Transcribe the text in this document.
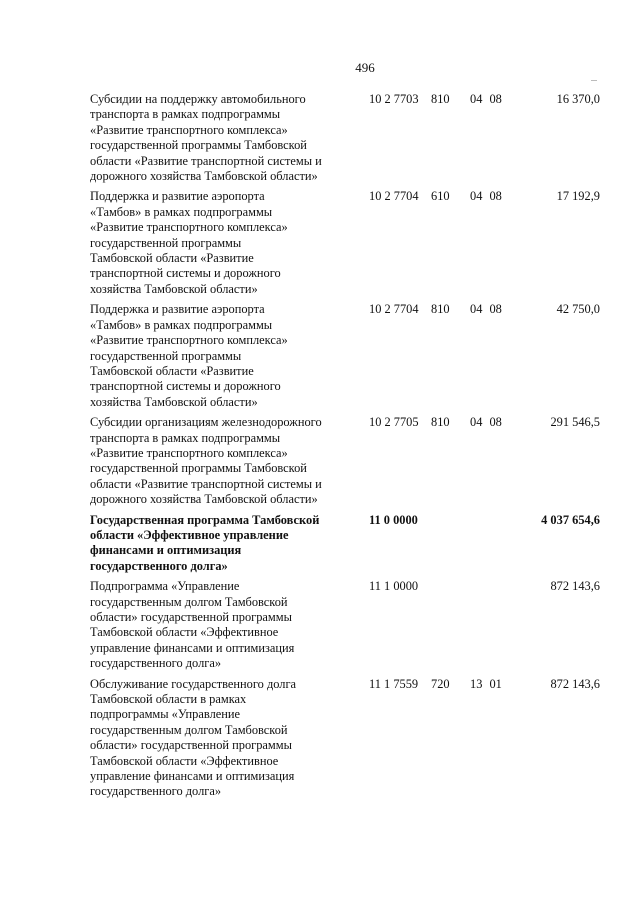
496
Субсидии на поддержку автомобильного
транспорта в рамках подпрограммы
«Развитие транспортного комплекса»
государственной программы Тамбовской
области «Развитие транспортной системы и
дорожного хозяйства Тамбовской области»
10 2 7703 810 04 08	16 370,0
Поддержка и развитие аэропорта
«Тамбов» в рамках подпрограммы
«Развитие транспортного комплекса»
государственной программы
Тамбовской области «Развитие
транспортной системы и дорожного
хозяйства Тамбовской области»
10 2 7704 610 04 08	17 192,9
Поддержка и развитие аэропорта
«Тамбов» в рамках подпрограммы
«Развитие транспортного комплекса»
государственной программы
Тамбовской области «Развитие
транспортной системы и дорожного
хозяйства Тамбовской области»
10 2 7704 810 04 08	42 750,0
Субсидии организациям железнодорожного
транспорта в рамках подпрограммы
«Развитие транспортного комплекса»
государственной программы Тамбовской
области «Развитие транспортной системы и
дорожного хозяйства Тамбовской области»
10 2 7705 810 04 08	291 546,5
Государственная программа Тамбовской
области «Эффективное управление
финансами и оптимизация
государственного долга»
11 0 0000	4 037 654,6
Подпрограмма «Управление
государственным долгом Тамбовской
области» государственной программы
Тамбовской области «Эффективное
управление финансами и оптимизация
государственного долга»
11 1 0000	872 143,6
Обслуживание государственного долга
Тамбовской области в рамках
подпрограммы «Управление
государственным долгом Тамбовской
области» государственной программы
Тамбовской области «Эффективное
управление финансами и оптимизация
государственного долга»
11 1 7559 720 13 01	872 143,6
